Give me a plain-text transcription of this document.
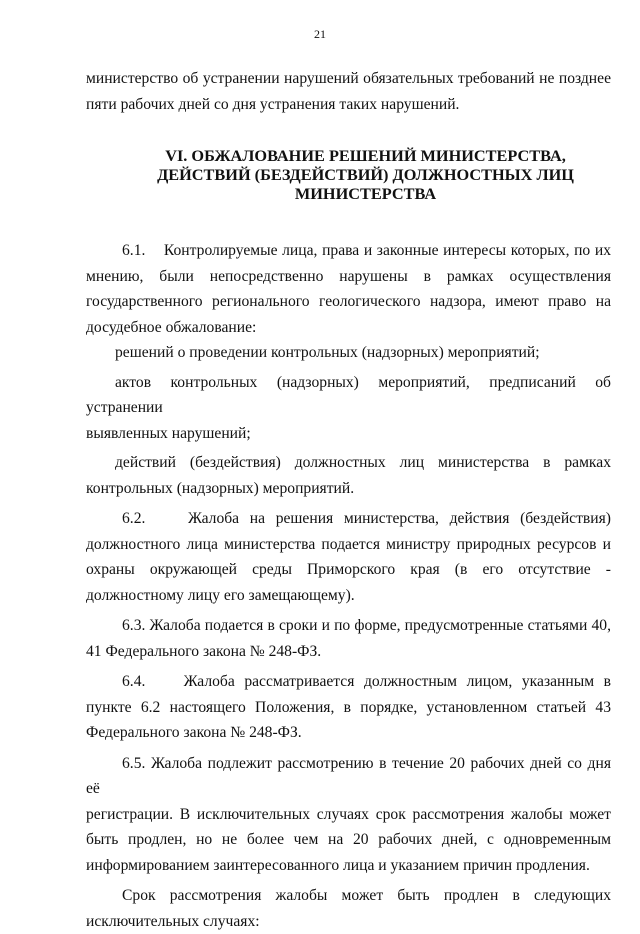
21

министерство об устранении нарушений обязательных требований не позднее

пяти рабочих дней со дня устранения таких нарушений.

VI. ОБЖАЛОВАНИЕ РЕШЕНИЙ МИНИСТЕРСТВА,
ДЕЙСТВИЙ (БЕЗДЕЙСТВИЙ) ДОЛЖНОСТНЫХ ЛИЦ
МИНИСТЕРСТВА

6.1.    Контролируемые лица, права и законные интересы которых, по их

мнению, были непосредственно нарушены в рамках осуществления

государственного регионального геологического надзора, имеют право на

досудебное обжалование:

решений о проведении контрольных (надзорных) мероприятий;

актов контрольных (надзорных) мероприятий, предписаний об устранении

выявленных нарушений;

действий (бездействия) должностных лиц министерства в рамках

контрольных (надзорных) мероприятий.

6.2.    Жалоба на решения министерства, действия (бездействия)

должностного лица министерства подается министру природных ресурсов и

охраны окружающей среды Приморского края (в его отсутствие -

должностному лицу его замещающему).

6.3. Жалоба подается в сроки и по форме, предусмотренные статьями 40,

41 Федерального закона № 248-ФЗ.

6.4.    Жалоба рассматривается должностным лицом, указанным в

пункте 6.2 настоящего Положения, в порядке, установленном статьей 43

Федерального закона № 248-ФЗ.

6.5. Жалоба подлежит рассмотрению в течение 20 рабочих дней со дня её

регистрации. В исключительных случаях срок рассмотрения жалобы может

быть продлен, но не более чем на 20 рабочих дней, с одновременным

информированием заинтересованного лица и указанием причин продления.

Срок рассмотрения жалобы может быть продлен в следующих

исключительных случаях:
